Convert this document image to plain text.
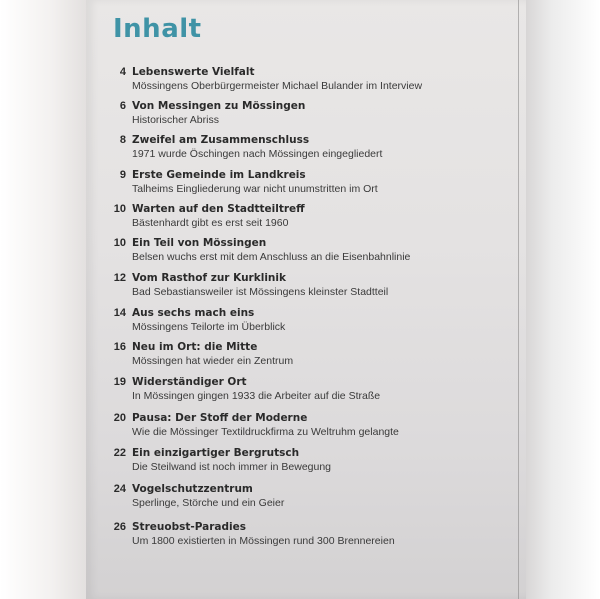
Inhalt
4 Lebenswerte Vielfalt
Mössingens Oberbürgermeister Michael Bulander im Interview
6 Von Messingen zu Mössingen
Historischer Abriss
8 Zweifel am Zusammenschluss
1971 wurde Öschingen nach Mössingen eingegliedert
9 Erste Gemeinde im Landkreis
Talheims Eingliederung war nicht unumstritten im Ort
10 Warten auf den Stadtteiltreff
Bästenhardt gibt es erst seit 1960
10 Ein Teil von Mössingen
Belsen wuchs erst mit dem Anschluss an die Eisenbahnlinie
12 Vom Rasthof zur Kurklinik
Bad Sebastiansweiler ist Mössingens kleinster Stadtteil
14 Aus sechs mach eins
Mössingens Teilorte im Überblick
16 Neu im Ort: die Mitte
Mössingen hat wieder ein Zentrum
19 Widerständiger Ort
In Mössingen gingen 1933 die Arbeiter auf die Straße
20 Pausa: Der Stoff der Moderne
Wie die Mössinger Textildruckfirma zu Weltruhm gelangte
22 Ein einzigartiger Bergrutsch
Die Steilwand ist noch immer in Bewegung
24 Vogelschutzzentrum
Sperlinge, Störche und ein Geier
26 Streuobst-Paradies
Um 1800 existierten in Mössingen rund 300 Brennereien
